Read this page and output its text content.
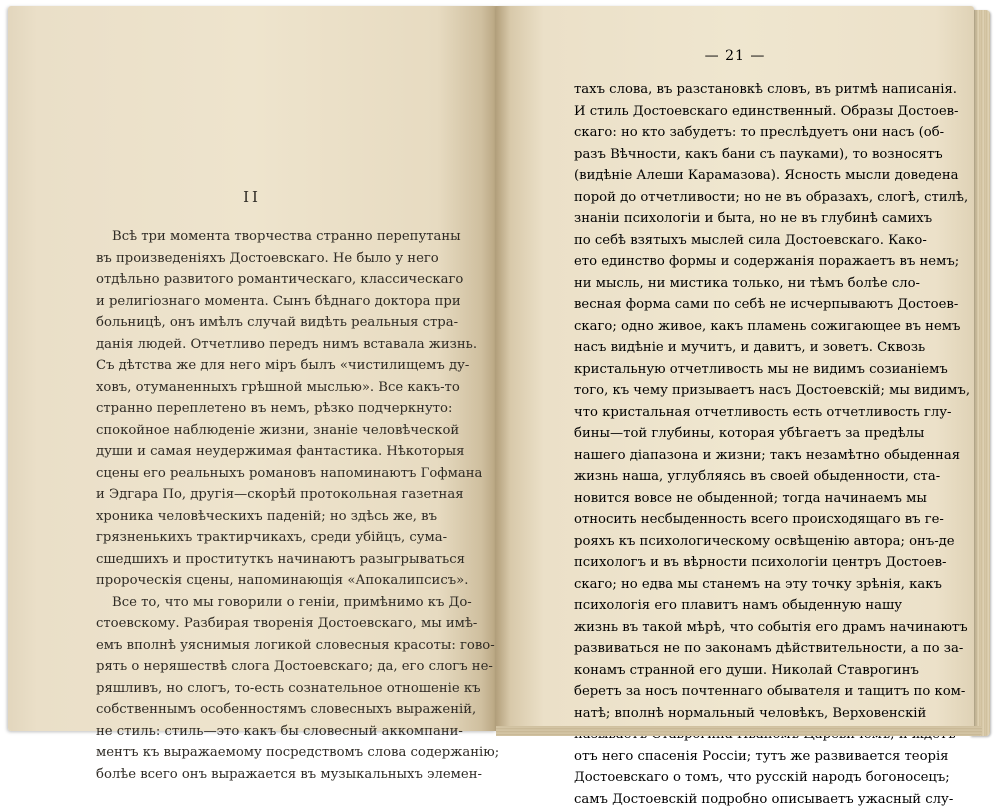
II
Всѣ три момента творчества странно перепутаны
въ произведеніяхъ Достоевскаго. Не было у него
отдѣльно развитого романтическаго, классическаго
и религіознаго момента. Сынъ бѣднаго доктора при
больницѣ, онъ имѣлъ случай видѣть реальныя стра-
данія людей. Отчетливо передъ нимъ вставала жизнь.
Съ дѣтства же для него міръ былъ «чистилищемъ ду-
ховъ, отуманенныхъ грѣшной мыслью». Все какъ-то
странно переплетено въ немъ, рѣзко подчеркнуто:
спокойное наблюденіе жизни, знаніе человѣческой
души и самая неудержимая фантастика. Нѣкоторыя
сцены его реальныхъ романовъ напоминаютъ Гофмана
и Эдгара По, другія—скорѣй протокольная газетная
хроника человѣческихъ паденій; но здѣсь же, въ
грязненькихъ трактирчикахъ, среди убійцъ, сума-
сшедшихъ и проституткъ начинаютъ разыгрываться
пророческія сцены, напоминающія «Апокалипсисъ».
Все то, что мы говорили о геніи, примѣнимо къ До-
стоевскому. Разбирая творенія Достоевскаго, мы имѣ-
емъ вполнѣ уяснимыя логикой словесныя красоты: гово-
рять о неряшествѣ слога Достоевскаго; да, его слогъ не-
ряшливъ, но слогъ, то-есть сознательное отношеніе къ
собственнымъ особенностямъ словесныхъ выраженій,
не стиль: стиль—это какъ бы словесный аккомпани-
ментъ къ выражаемому посредствомъ слова содержанію;
болѣе всего онъ выражается въ музыкальныхъ элемен-
— 21 —
тахъ слова, въ разстановкѣ словъ, въ ритмѣ написанія.
И стиль Достоевскаго единственный. Образы Достоев-
скаго: но кто забудетъ: то преслѣдуетъ они насъ (об-
разъ Вѣчности, какъ бани съ пауками), то возносятъ
(видѣніе Алеши Карамазова). Ясность мысли доведена
порой до отчетливости; но не въ образахъ, слогѣ, стилѣ,
знаніи психологіи и быта, но не въ глубинѣ самихъ
по себѣ взятыхъ мыслей сила Достоевскаго. Како-
ето единство формы и содержанія поражаетъ въ немъ;
ни мысль, ни мистика только, ни тѣмъ болѣе сло-
весная форма сами по себѣ не исчерпываютъ Достоев-
скаго; одно живое, какъ пламень сожигающее въ немъ
насъ видѣніе и мучитъ, и давитъ, и зоветъ. Сквозь
кристальную отчетливость мы не видимъ созианіемъ
того, къ чему призываетъ насъ Достоевскій; мы видимъ,
что кристальная отчетливость есть отчетливость глу-
бины—той глубины, которая убѣгаетъ за предѣлы
нашего діапазона и жизни; такъ незамѣтно обыденная
жизнь наша, углубляясь въ своей обыденности, ста-
новится вовсе не обыденной; тогда начинаемъ мы
относить несбыденность всего происходящаго въ ге-
рояхъ къ психологическому освѣщенію автора; онъ-де
психологъ и въ вѣрности психологіи центръ Достоев-
скаго; но едва мы станемъ на эту точку зрѣнія, какъ
психологія его плавитъ намъ обыденную нашу
жизнь въ такой мѣрѣ, что событія его драмъ начинаютъ
развиваться не по законамъ дѣйствительности, а по за-
конамъ странной его души. Николай Ставрогинъ
беретъ за носъ почтеннаго обывателя и тащитъ по ком-
натѣ; вполнѣ нормальный человѣкъ, Верховенскій
отъ него спасенія Россіи; тутъ же развивается теорія
Достоевскаго о томъ, что русскій народъ богоносецъ;
самъ Достоевскій подробно описываетъ ужасный слу-
